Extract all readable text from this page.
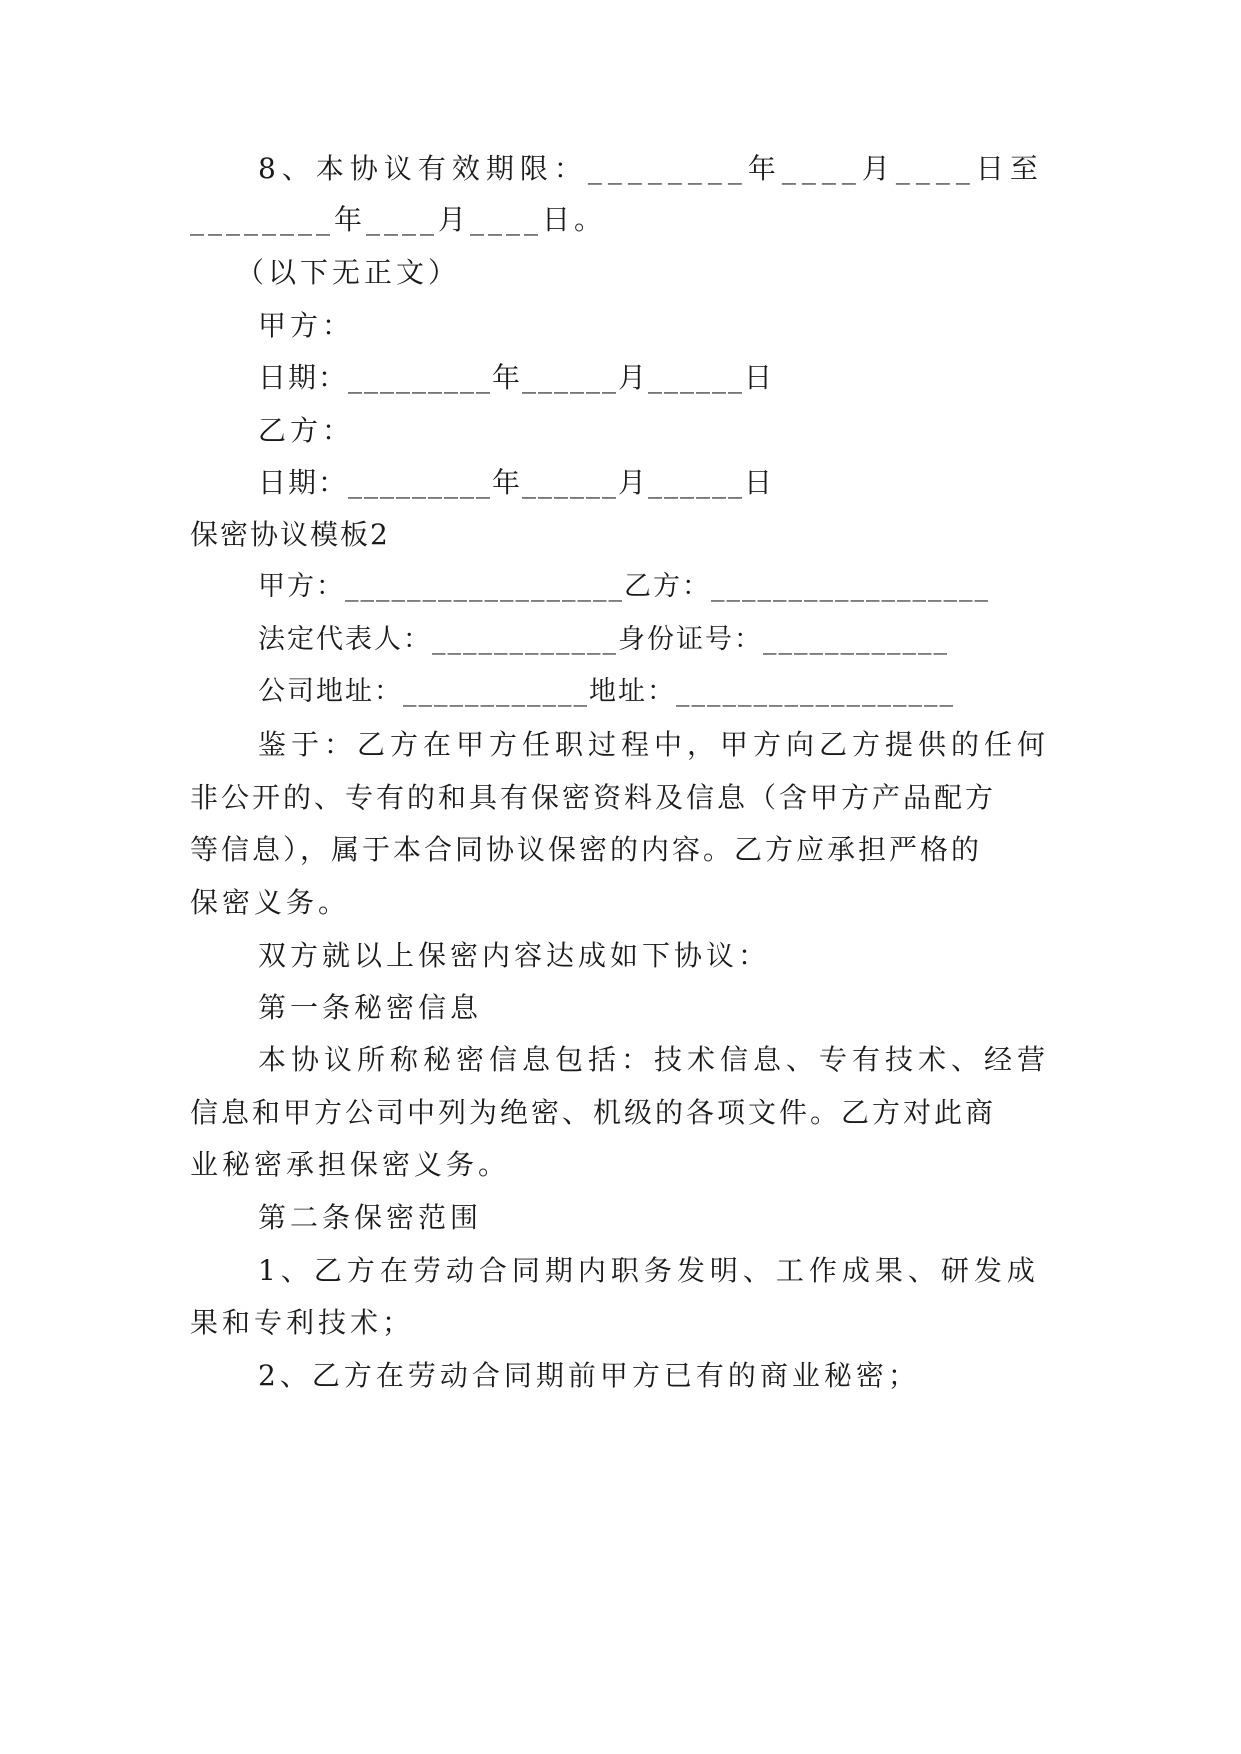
8、本协议有效期限：________年____月____日至
________年____月____日。
（以下无正文）
甲方：
日期：_________年______月______日
乙方：
日期：_________年______月______日
保密协议模板2
甲方：__________________乙方：__________________
法定代表人：____________身份证号：____________
公司地址：____________地址：__________________
鉴于：乙方在甲方任职过程中，甲方向乙方提供的任何
非公开的、专有的和具有保密资料及信息（含甲方产品配方
等信息），属于本合同协议保密的内容。乙方应承担严格的
保密义务。
双方就以上保密内容达成如下协议：
第一条秘密信息
本协议所称秘密信息包括：技术信息、专有技术、经营
信息和甲方公司中列为绝密、机级的各项文件。乙方对此商
业秘密承担保密义务。
第二条保密范围
1、乙方在劳动合同期内职务发明、工作成果、研发成
果和专利技术；
2、乙方在劳动合同期前甲方已有的商业秘密；
